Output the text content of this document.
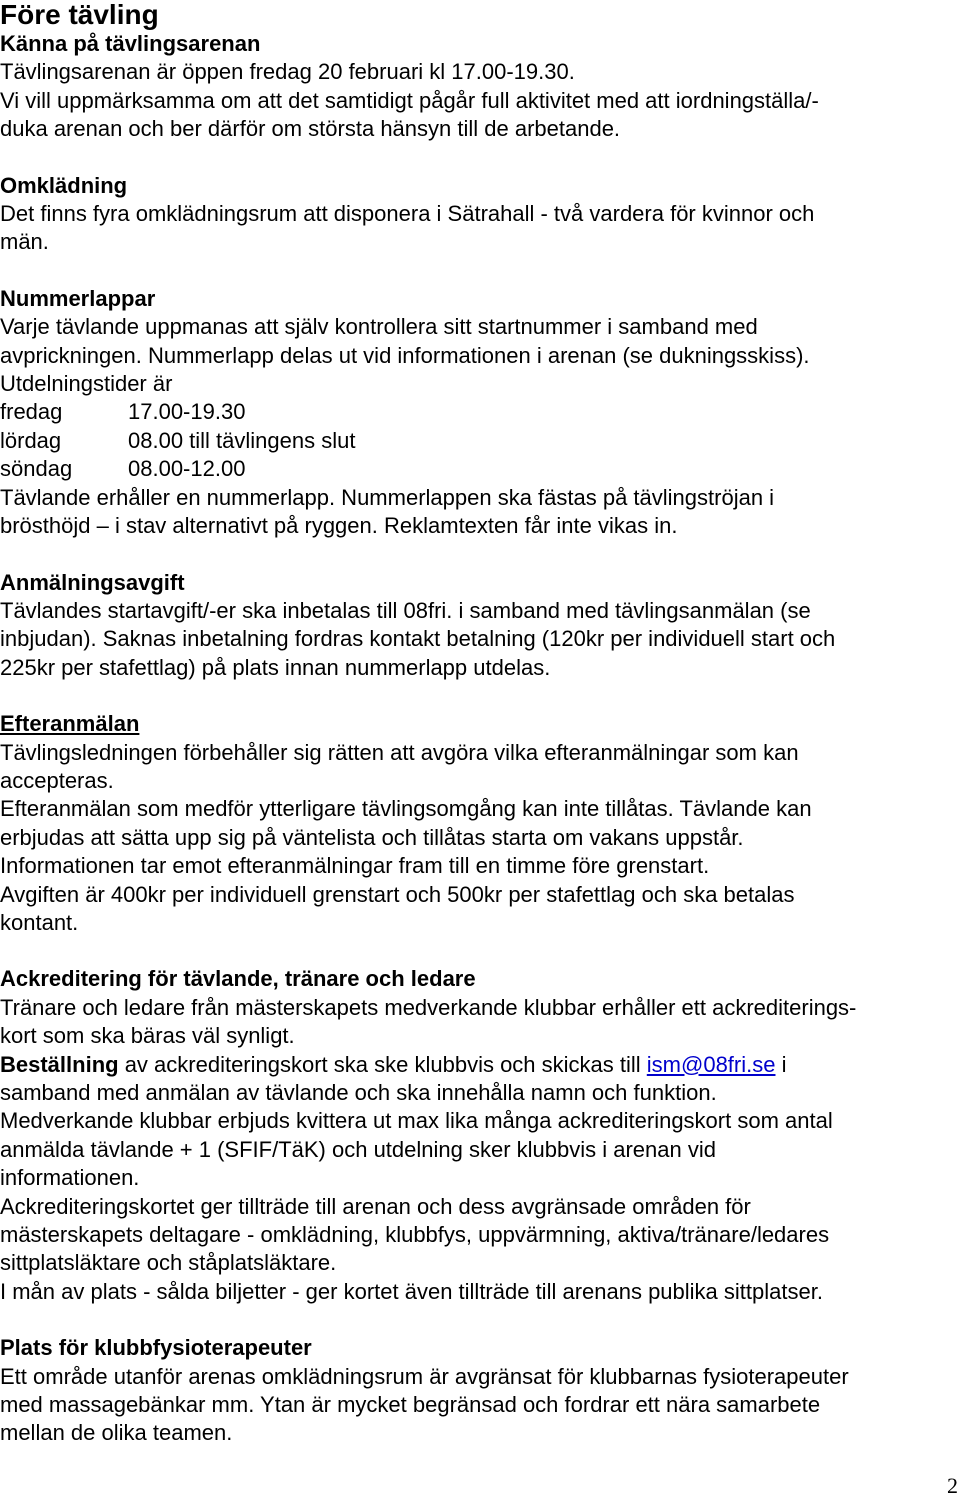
Före tävling
Känna på tävlingsarenan
Tävlingsarenan är öppen fredag 20 februari kl 17.00-19.30.
Vi vill uppmärksamma om att det samtidigt pågår full aktivitet med att iordningställa/-
duka arenan och ber därför om största hänsyn till de arbetande.
Omklädning
Det finns fyra omklädningsrum att disponera i Sätrahall - två vardera för kvinnor och
män.
Nummerlappar
Varje tävlande uppmanas att själv kontrollera sitt startnummer i samband med
avprickningen. Nummerlapp delas ut vid informationen i arenan (se dukningsskiss).
Utdelningstider är
fredag	17.00-19.30
lördag	08.00 till tävlingens slut
söndag	08.00-12.00
Tävlande erhåller en nummerlapp. Nummerlappen ska fästas på tävlingströjan i
brösthöjd – i stav alternativt på ryggen. Reklamtexten får inte vikas in.
Anmälningsavgift
Tävlandes startavgift/-er ska inbetalas till 08fri. i samband med tävlingsanmälan (se
inbjudan). Saknas inbetalning fordras kontakt betalning (120kr per individuell start och
225kr per stafettlag) på plats innan nummerlapp utdelas.
Efteranmälan
Tävlingsledningen förbehåller sig rätten att avgöra vilka efteranmälningar som kan
accepteras.
Efteranmälan som medför ytterligare tävlingsomgång kan inte tillåtas. Tävlande kan
erbjudas att sätta upp sig på väntelista och tillåtas starta om vakans uppstår.
Informationen tar emot efteranmälningar fram till en timme före grenstart.
Avgiften är 400kr per individuell grenstart och 500kr per stafettlag och ska betalas
kontant.
Ackreditering för tävlande, tränare och ledare
Tränare och ledare från mästerskapets medverkande klubbar erhåller ett ackrediterings-
kort som ska bäras väl synligt.
Beställning av ackrediteringskort ska ske klubbvis och skickas till ism@08fri.se i
samband med anmälan av tävlande och ska innehålla namn och funktion.
Medverkande klubbar erbjuds kvittera ut max lika många ackrediteringskort som antal
anmälda tävlande + 1 (SFIF/TäK) och utdelning sker klubbvis i arenan vid
informationen.
Ackrediteringskortet ger tillträde till arenan och dess avgränsade områden för
mästerskapets deltagare - omklädning, klubbfys, uppvärmning, aktiva/tränare/ledares
sittplatsläktare och ståplatsläktare.
I mån av plats - sålda biljetter - ger kortet även tillträde till arenans publika sittplatser.
Plats för klubbfysioterapeuter
Ett område utanför arenas omklädningsrum är avgränsat för klubbarnas fysioterapeuter
med massagebänkar mm. Ytan är mycket begränsad och fordrar ett nära samarbete
mellan de olika teamen.
2
